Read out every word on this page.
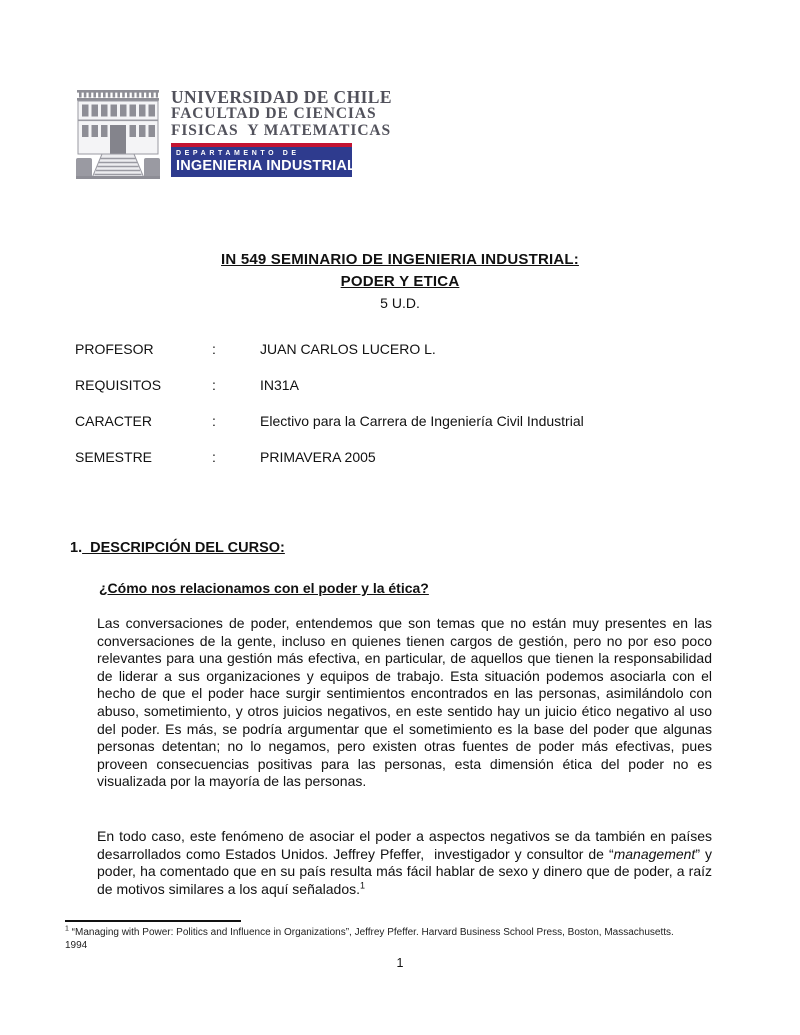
UNIVERSIDAD DE CHILE
FACULTAD DE CIENCIAS
FISICAS  Y MATEMATICAS
DEPARTAMENTO DE
INGENIERIA INDUSTRIAL
IN 549 SEMINARIO DE INGENIERIA INDUSTRIAL:
PODER Y ETICA
5 U.D.
PROFESOR	:	JUAN CARLOS LUCERO L.
REQUISITOS	:	IN31A
CARACTER	:	Electivo para la Carrera de Ingeniería Civil Industrial
SEMESTRE	:	PRIMAVERA 2005
1.  DESCRIPCIÓN DEL CURSO:
¿Cómo nos relacionamos con el poder y la ética?

Las conversaciones de poder, entendemos que son temas que no están muy presentes en las conversaciones de la gente, incluso en quienes tienen cargos de gestión, pero no por eso poco relevantes para una gestión más efectiva, en particular, de aquellos que tienen la responsabilidad de liderar a sus organizaciones y equipos de trabajo. Esta situación podemos asociarla con el hecho de que el poder hace surgir sentimientos encontrados en las personas, asimilándolo con abuso, sometimiento, y otros juicios negativos, en este sentido hay un juicio ético negativo al uso del poder. Es más, se podría argumentar que el sometimiento es la base del poder que algunas personas detentan; no lo negamos, pero existen otras fuentes de poder más efectivas, pues proveen consecuencias positivas para las personas, esta dimensión ética del poder no es visualizada por la mayoría de las personas.

En todo caso, este fenómeno de asociar el poder a aspectos negativos se da también en países desarrollados como Estados Unidos. Jeffrey Pfeffer,  investigador y consultor de “management” y poder, ha comentado que en su país resulta más fácil hablar de sexo y dinero que de poder, a raíz de motivos similares a los aquí señalados.$^1$

$^1$ “Managing with Power: Politics and Influence in Organizations”, Jeffrey Pfeffer. Harvard Business School Press, Boston, Massachusetts. 1994
1
